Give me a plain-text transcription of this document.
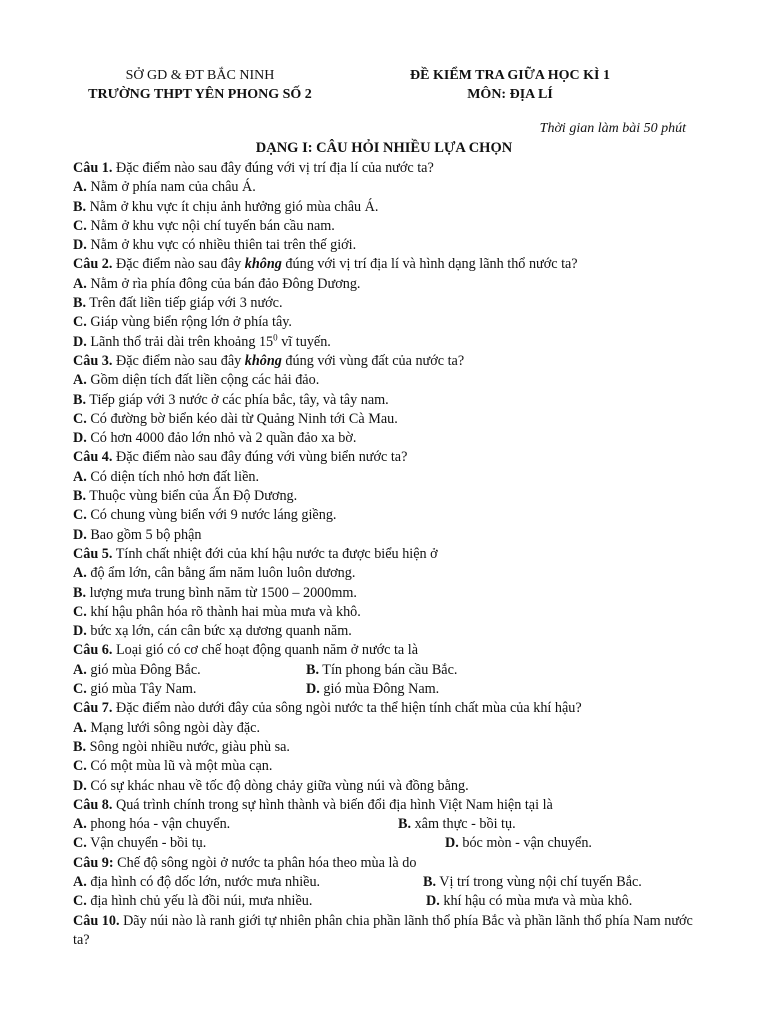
SỞ GD & ĐT BẮC NINH
TRƯỜNG THPT YÊN PHONG SỐ 2
ĐỀ KIỂM TRA GIỮA HỌC KÌ 1
MÔN: ĐỊA LÍ
Thời gian làm bài 50 phút
DẠNG I: CÂU HỎI NHIỀU LỰA CHỌN
Câu 1. Đặc điểm nào sau đây đúng với vị trí địa lí của nước ta?
A. Nằm ở phía nam của châu Á.
B. Nằm ở khu vực ít chịu ảnh hưởng gió mùa châu Á.
C. Nằm ở khu vực nội chí tuyến bán cầu nam.
D. Nằm ở khu vực có nhiều thiên tai trên thế giới.
Câu 2. Đặc điểm nào sau đây không đúng với vị trí địa lí và hình dạng lãnh thổ nước ta?
A. Nằm ở rìa phía đông của bán đảo Đông Dương.
B. Trên đất liền tiếp giáp với 3 nước.
C. Giáp vùng biển rộng lớn ở phía tây.
D. Lãnh thổ trải dài trên khoảng $15^0$ vĩ tuyến.
Câu 3. Đặc điểm nào sau đây không đúng với vùng đất của nước ta?
A. Gồm diện tích đất liền cộng các hải đảo.
B. Tiếp giáp với 3 nước ở các phía bắc, tây, và tây nam.
C. Có đường bờ biển kéo dài từ Quảng Ninh tới Cà Mau.
D. Có hơn 4000 đảo lớn nhỏ và 2 quần đảo xa bờ.
Câu 4. Đặc điểm nào sau đây đúng với vùng biển nước ta?
A. Có diện tích nhỏ hơn đất liền.
B. Thuộc vùng biển của Ấn Độ Dương.
C. Có chung vùng biển với 9 nước láng giềng.
D. Bao gồm 5 bộ phận
Câu 5. Tính chất nhiệt đới của khí hậu nước ta được biểu hiện ở
A. độ ẩm lớn, cân bằng ẩm năm luôn luôn dương.
B. lượng mưa trung bình năm từ 1500 – 2000mm.
C. khí hậu phân hóa rõ thành hai mùa mưa và khô.
D. bức xạ lớn, cán cân bức xạ dương quanh năm.
Câu 6. Loại gió có cơ chế hoạt động quanh năm ở nước ta là
A. gió mùa Đông Bắc.	B. Tín phong bán cầu Bắc.
C. gió mùa Tây Nam.	D. gió mùa Đông Nam.
Câu 7. Đặc điểm nào dưới đây của sông ngòi nước ta thể hiện tính chất mùa của khí hậu?
A. Mạng lưới sông ngòi dày đặc.
B. Sông ngòi nhiều nước, giàu phù sa.
C. Có một mùa lũ và một mùa cạn.
D. Có sự khác nhau về tốc độ dòng chảy giữa vùng núi và đồng bằng.
Câu 8. Quá trình chính trong sự hình thành và biến đổi địa hình Việt Nam hiện tại là
A. phong hóa - vận chuyển.	B. xâm thực - bồi tụ.
C. Vận chuyển - bồi tụ.	D. bóc mòn - vận chuyển.
Câu 9: Chế độ sông ngòi ở nước ta phân hóa theo mùa là do
A. địa hình có độ dốc lớn, nước mưa nhiều.	B. Vị trí trong vùng nội chí tuyến Bắc.
C. địa hình chủ yếu là đồi núi, mưa nhiều.	D. khí hậu có mùa mưa và mùa khô.
Câu 10. Dãy núi nào là ranh giới tự nhiên phân chia phần lãnh thổ phía Bắc và phần lãnh thổ phía Nam nước ta?
